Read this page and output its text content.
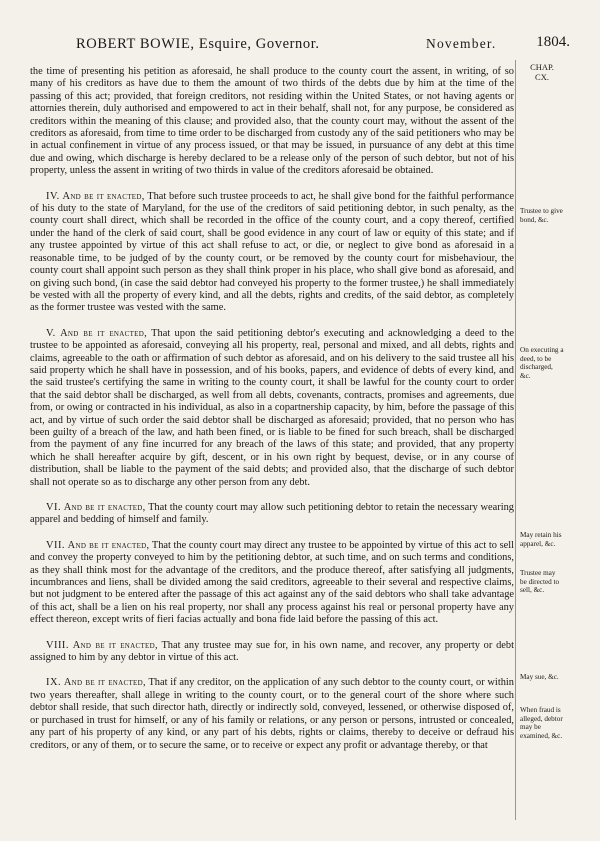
ROBERT BOWIE, Esquire, Governor.	November.	1804.
CHAP.
CX.

the time of presenting his petition as aforesaid, he shall produce to the county court the assent, in writing, of so many of his creditors as have due to them the amount of two thirds of the debts due by him at the time of the passing of this act; provided, that foreign creditors, not residing within the United States, or not having agents or attornies therein, duly authorised and empowered to act in their behalf, shall not, for any purpose, be considered as creditors within the meaning of this clause; and provided also, that the county court may, without the assent of the creditors as aforesaid, from time to time order to be discharged from custody any of the said petitioners who may be in actual confinement in virtue of any process issued, or that may be issued, in pursuance of any debt at this time due and owing, which discharge is hereby declared to be a release only of the person of such debtor, but not of his property, unless the assent in writing of two thirds in value of the creditors aforesaid be obtained.

IV. And be it enacted, That before such trustee proceeds to act, he shall give bond for the faithful performance of his duty to the state of Maryland, for the use of the creditors of said petitioning debtor, in such penalty, as the county court shall direct, which shall be recorded in the office of the county court, and a copy thereof, certified under the hand of the clerk of said court, shall be good evidence in any court of law or equity of this state; and if any trustee appointed by virtue of this act shall refuse to act, or die, or neglect to give bond as aforesaid in a reasonable time, to be judged of by the county court, or be removed by the county court for misbehaviour, the county court shall appoint such person as they shall think proper in his place, who shall give bond as aforesaid, and on giving such bond, (in case the said debtor had conveyed his property to the former trustee,) he shall immediately be vested with all the property of every kind, and all the debts, rights and credits, of the said debtor, as completely as the former trustee was vested with the same.

V. And be it enacted, That upon the said petitioning debtor's executing and acknowledging a deed to the trustee to be appointed as aforesaid, conveying all his property, real, personal and mixed, and all debts, rights and claims, agreeable to the oath or affirmation of such debtor as aforesaid, and on his delivery to the said trustee all his said property which he shall have in possession, and of his books, papers, and evidence of debts of every kind, and the said trustee's certifying the same in writing to the county court, it shall be lawful for the county court to order that the said debtor shall be discharged, as well from all debts, covenants, contracts, promises and agreements, due from, or owing or contracted in his individual, as also in a copartnership capacity, by him, before the passage of this act, and by virtue of such order the said debtor shall be discharged as aforesaid; provided, that no person who has been guilty of a breach of the law, and hath been fined, or is liable to be fined for such breach, shall be discharged from the payment of any fine incurred for any breach of the laws of this state; and provided, that any property which he shall hereafter acquire by gift, descent, or in his own right by bequest, devise, or in any course of distribution, shall be liable to the payment of the said debts; and provided also, that the discharge of such debtor shall not operate so as to discharge any other person from any debt.

VI. And be it enacted, That the county court may allow such petitioning debtor to retain the necessary wearing apparel and bedding of himself and family.

VII. And be it enacted, That the county court may direct any trustee to be appointed by virtue of this act to sell and convey the property conveyed to him by the petitioning debtor, at such time, and on such terms and conditions, as they shall think most for the advantage of the creditors, and the produce thereof, after satisfying all judgments, incumbrances and liens, shall be divided among the said creditors, agreeable to their several and respective claims, but not judgment to be entered after the passage of this act against any of the said debtors who shall take advantage of this act, shall be a lien on his real property, nor shall any process against his real or personal property have any effect thereon, except writs of fieri facias actually and bona fide laid before the passing of this act.

VIII. And be it enacted, That any trustee may sue for, in his own name, and recover, any property or debt assigned to him by any debtor in virtue of this act.

IX. And be it enacted, That if any creditor, on the application of any such debtor to the county court, or within two years thereafter, shall allege in writing to the county court, or to the general court of the shore where such debtor shall reside, that such director hath, directly or indirectly sold, conveyed, lessened, or otherwise disposed of, or purchased in trust for himself, or any of his family or relations, or any person or persons, intrusted or concealed, any part of his property of any kind, or any part of his debts, rights or claims, thereby to deceive or defraud his creditors, or any of them, or to secure the same, or to receive or expect any profit or advantage thereby, or that

Trustee to give bond, &c.
On executing a deed, to be discharged, &c.
May retain his apparel, &c.
Trustee may be directed to sell, &c.
May sue, &c.
When fraud is alleged, debtor may be examined, &c.
